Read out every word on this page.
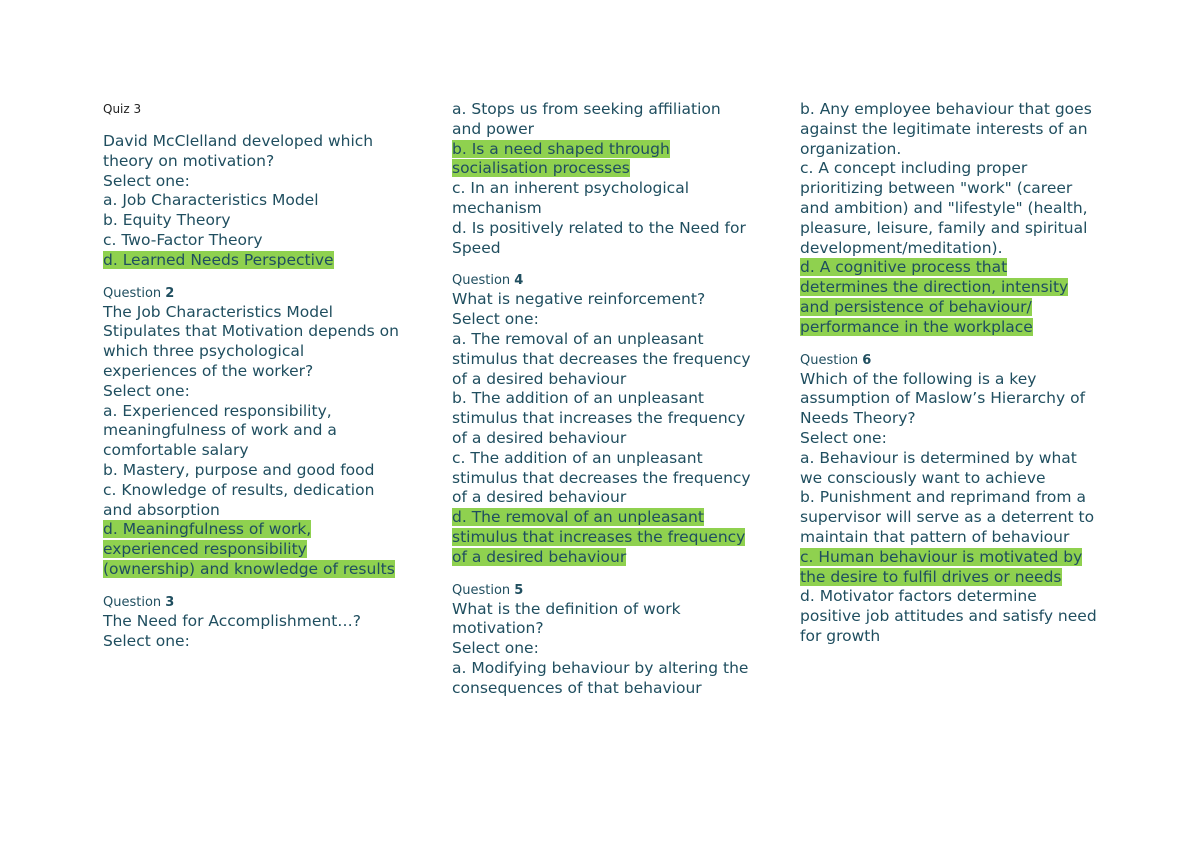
Quiz 3
David McClelland developed which theory on motivation?
Select one:
a. Job Characteristics Model
b. Equity Theory
c. Two-Factor Theory
d. Learned Needs Perspective
Question 2
The Job Characteristics Model Stipulates that Motivation depends on which three psychological experiences of the worker?
Select one:
a. Experienced responsibility, meaningfulness of work and a comfortable salary
b. Mastery, purpose and good food
c. Knowledge of results, dedication and absorption
d. Meaningfulness of work, experienced responsibility (ownership) and knowledge of results
Question 3
The Need for Accomplishment…?
Select one:
a. Stops us from seeking affiliation and power
b. Is a need shaped through socialisation processes
c. In an inherent psychological mechanism
d. Is positively related to the Need for Speed
Question 4
What is negative reinforcement?
Select one:
a. The removal of an unpleasant stimulus that decreases the frequency of a desired behaviour
b. The addition of an unpleasant stimulus that increases the frequency of a desired behaviour
c. The addition of an unpleasant stimulus that decreases the frequency of a desired behaviour
d. The removal of an unpleasant stimulus that increases the frequency of a desired behaviour
Question 5
What is the definition of work motivation?
Select one:
a. Modifying behaviour by altering the consequences of that behaviour
b. Any employee behaviour that goes against the legitimate interests of an organization.
c. A concept including proper prioritizing between "work" (career and ambition) and "lifestyle" (health, pleasure, leisure, family and spiritual development/meditation).
d. A cognitive process that determines the direction, intensity and persistence of behaviour/ performance in the workplace
Question 6
Which of the following is a key assumption of Maslow’s Hierarchy of Needs Theory?
Select one:
a. Behaviour is determined by what we consciously want to achieve
b. Punishment and reprimand from a supervisor will serve as a deterrent to maintain that pattern of behaviour
c. Human behaviour is motivated by the desire to fulfil drives or needs
d. Motivator factors determine positive job attitudes and satisfy need for growth
